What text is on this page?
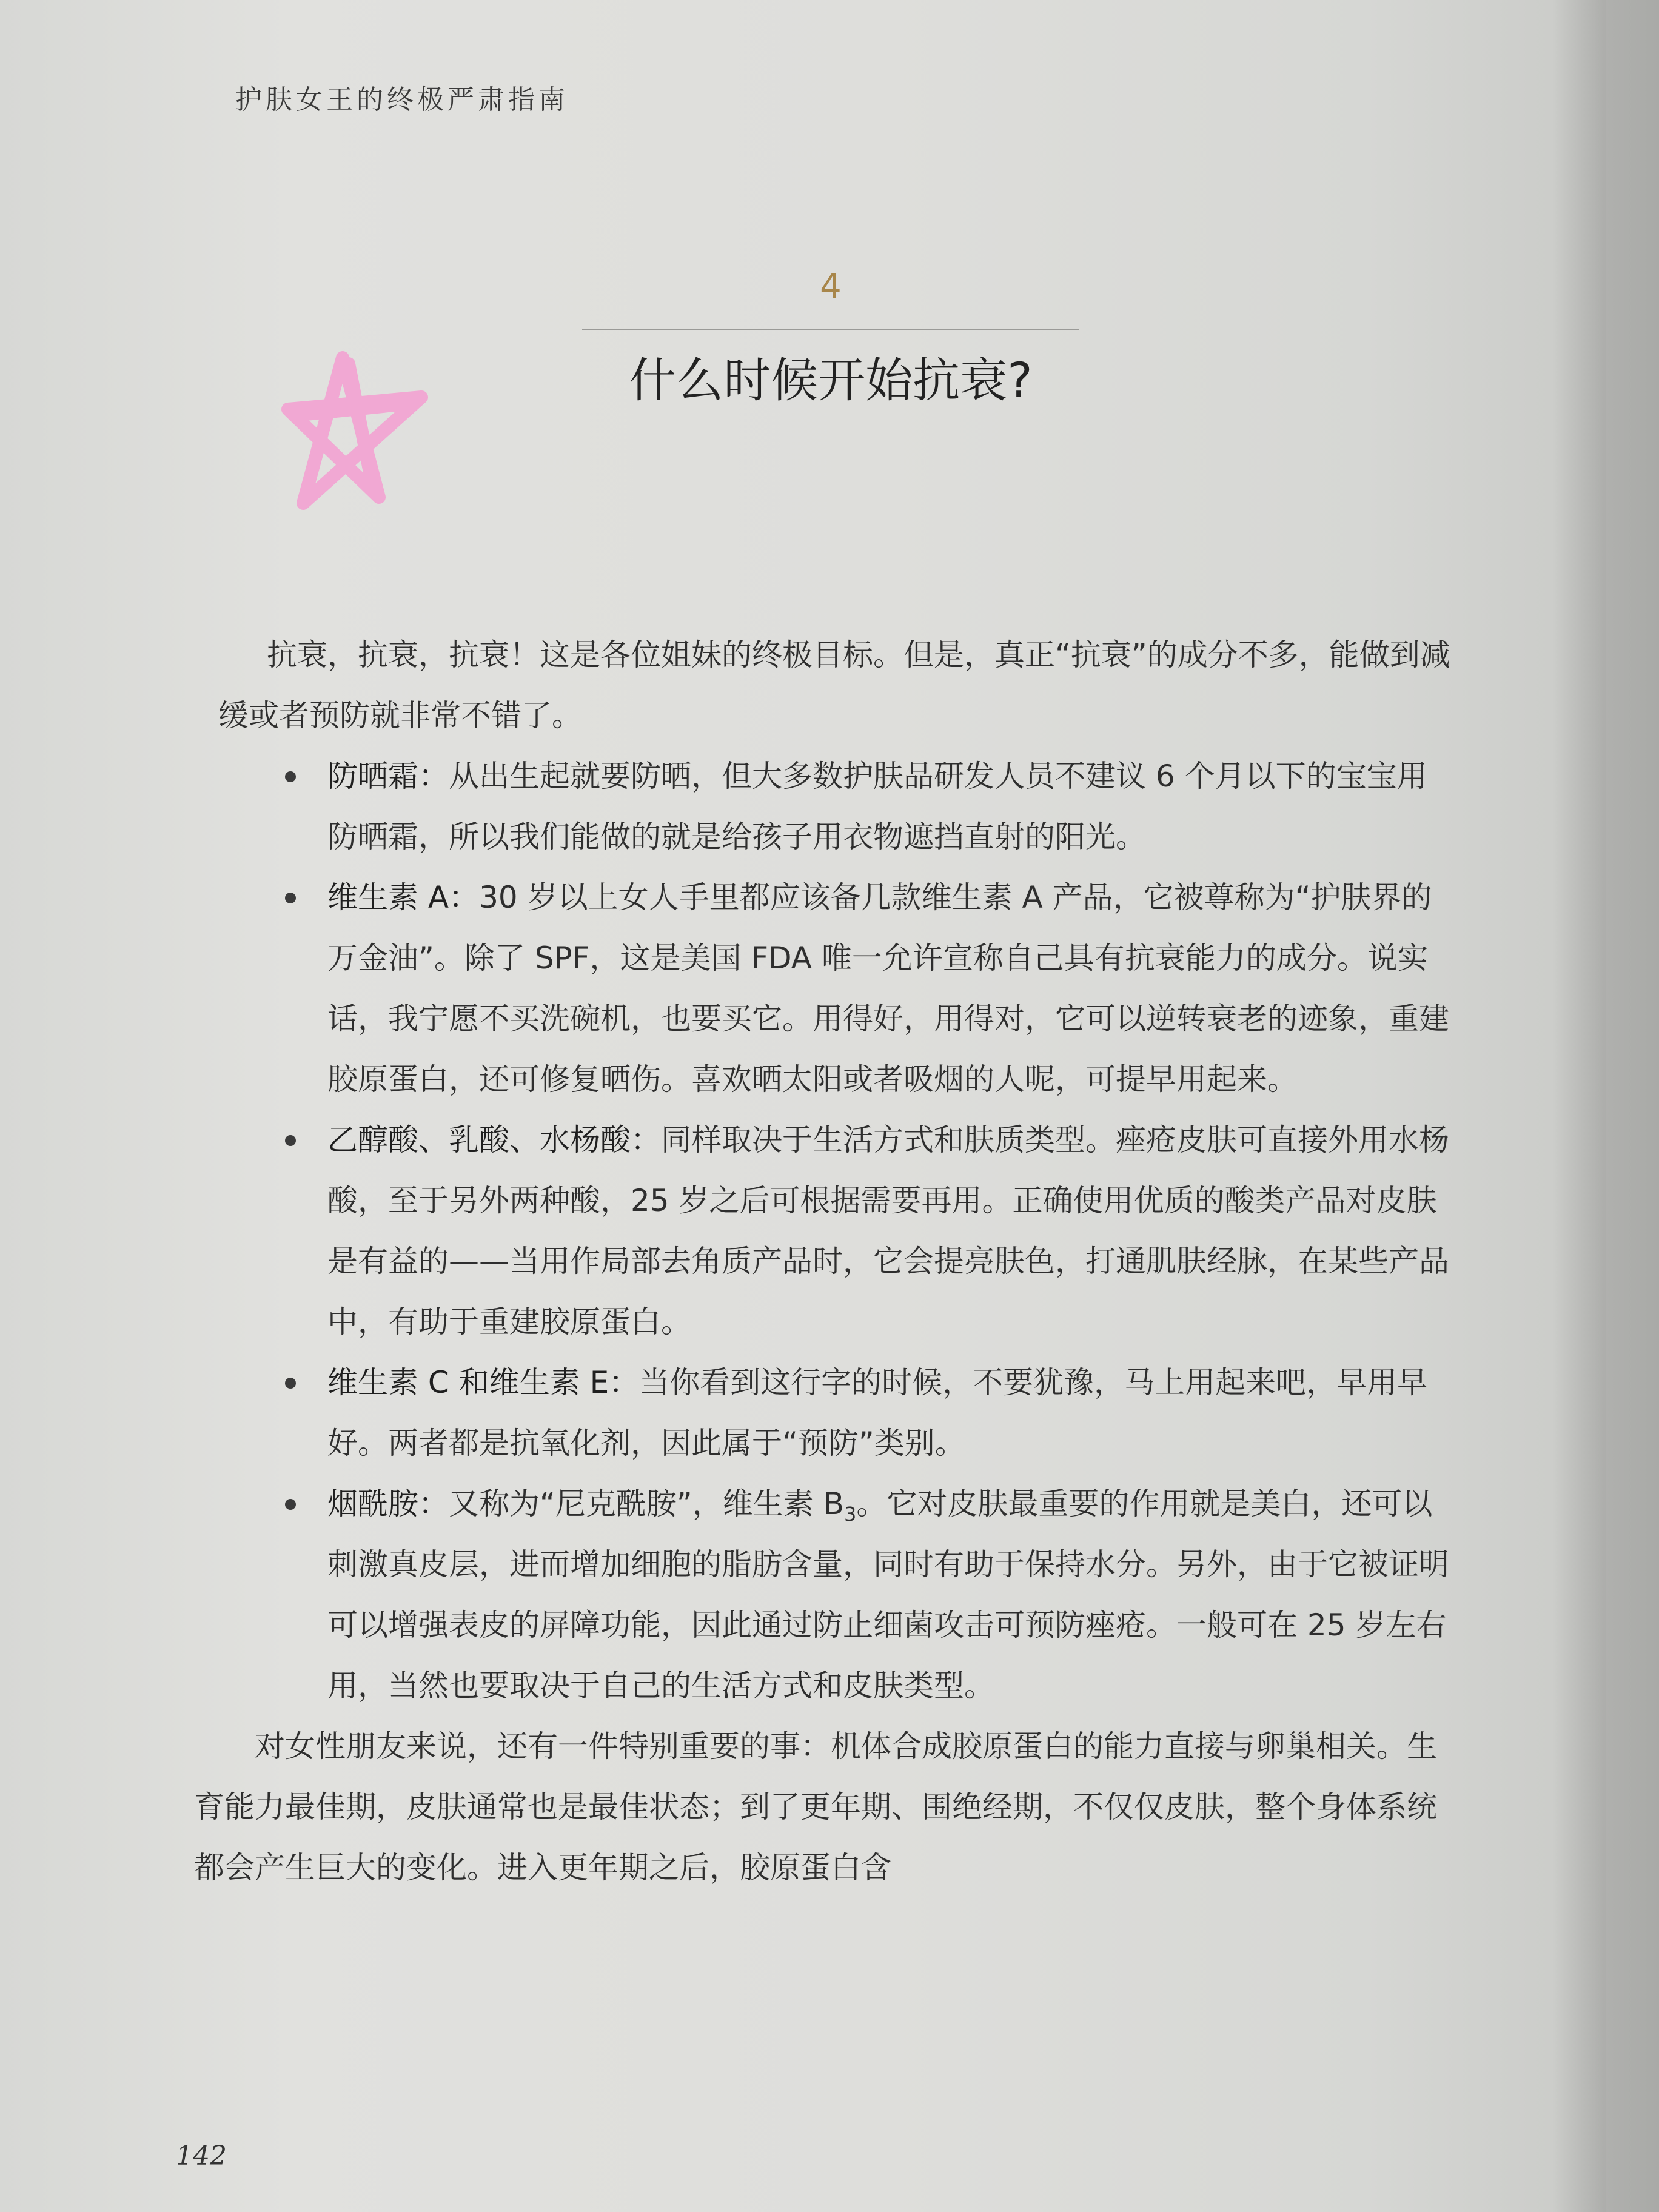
护肤女王的终极严肃指南
4
什么时候开始抗衰?

抗衰，抗衰，抗衰！这是各位姐妹的终极目标。但是，真正“抗衰”的成分不多，能做到减缓或者预防就非常不错了。

防晒霜：从出生起就要防晒，但大多数护肤品研发人员不建议 6 个月以下的宝宝用防晒霜，所以我们能做的就是给孩子用衣物遮挡直射的阳光。
维生素 A：30 岁以上女人手里都应该备几款维生素 A 产品，它被尊称为“护肤界的万金油”。除了 SPF，这是美国 FDA 唯一允许宣称自己具有抗衰能力的成分。说实话，我宁愿不买洗碗机，也要买它。用得好，用得对，它可以逆转衰老的迹象，重建胶原蛋白，还可修复晒伤。喜欢晒太阳或者吸烟的人呢，可提早用起来。
乙醇酸、乳酸、水杨酸：同样取决于生活方式和肤质类型。痤疮皮肤可直接外用水杨酸，至于另外两种酸，25 岁之后可根据需要再用。正确使用优质的酸类产品对皮肤是有益的——当用作局部去角质产品时，它会提亮肤色，打通肌肤经脉，在某些产品中，有助于重建胶原蛋白。
维生素 C 和维生素 E：当你看到这行字的时候，不要犹豫，马上用起来吧，早用早好。两者都是抗氧化剂，因此属于“预防”类别。
烟酰胺：又称为“尼克酰胺”，维生素 $B_3$。它对皮肤最重要的作用就是美白，还可以刺激真皮层，进而增加细胞的脂肪含量，同时有助于保持水分。另外，由于它被证明可以增强表皮的屏障功能，因此通过防止细菌攻击可预防痤疮。一般可在 25 岁左右用，当然也要取决于自己的生活方式和皮肤类型。

对女性朋友来说，还有一件特别重要的事：机体合成胶原蛋白的能力直接与卵巢相关。生育能力最佳期，皮肤通常也是最佳状态；到了更年期、围绝经期，不仅仅皮肤，整个身体系统都会产生巨大的变化。进入更年期之后，胶原蛋白含

142
